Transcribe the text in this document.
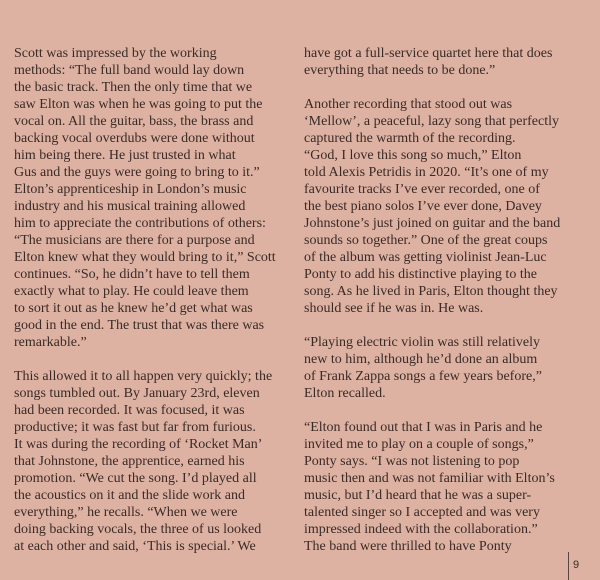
Scott was impressed by the working
methods: “The full band would lay down
the basic track. Then the only time that we
saw Elton was when he was going to put the
vocal on. All the guitar, bass, the brass and
backing vocal overdubs were done without
him being there. He just trusted in what
Gus and the guys were going to bring to it.”
Elton’s apprenticeship in London’s music
industry and his musical training allowed
him to appreciate the contributions of others:
“The musicians are there for a purpose and
Elton knew what they would bring to it,” Scott
continues. “So, he didn’t have to tell them
exactly what to play. He could leave them
to sort it out as he knew he’d get what was
good in the end. The trust that was there was
remarkable.”

This allowed it to all happen very quickly; the
songs tumbled out. By January 23rd, eleven
had been recorded. It was focused, it was
productive; it was fast but far from furious.
It was during the recording of ‘Rocket Man’
that Johnstone, the apprentice, earned his
promotion. “We cut the song. I’d played all
the acoustics on it and the slide work and
everything,” he recalls. “When we were
doing backing vocals, the three of us looked
at each other and said, ‘This is special.’ We

have got a full-service quartet here that does
everything that needs to be done.”

Another recording that stood out was
‘Mellow’, a peaceful, lazy song that perfectly
captured the warmth of the recording.
“God, I love this song so much,” Elton
told Alexis Petridis in 2020. “It’s one of my
favourite tracks I’ve ever recorded, one of
the best piano solos I’ve ever done, Davey
Johnstone’s just joined on guitar and the band
sounds so together.” One of the great coups
of the album was getting violinist Jean-Luc
Ponty to add his distinctive playing to the
song. As he lived in Paris, Elton thought they
should see if he was in. He was.

“Playing electric violin was still relatively
new to him, although he’d done an album
of Frank Zappa songs a few years before,”
Elton recalled.

“Elton found out that I was in Paris and he
invited me to play on a couple of songs,”
Ponty says. “I was not listening to pop
music then and was not familiar with Elton’s
music, but I’d heard that he was a super-
talented singer so I accepted and was very
impressed indeed with the collaboration.”
The band were thrilled to have Ponty

9
